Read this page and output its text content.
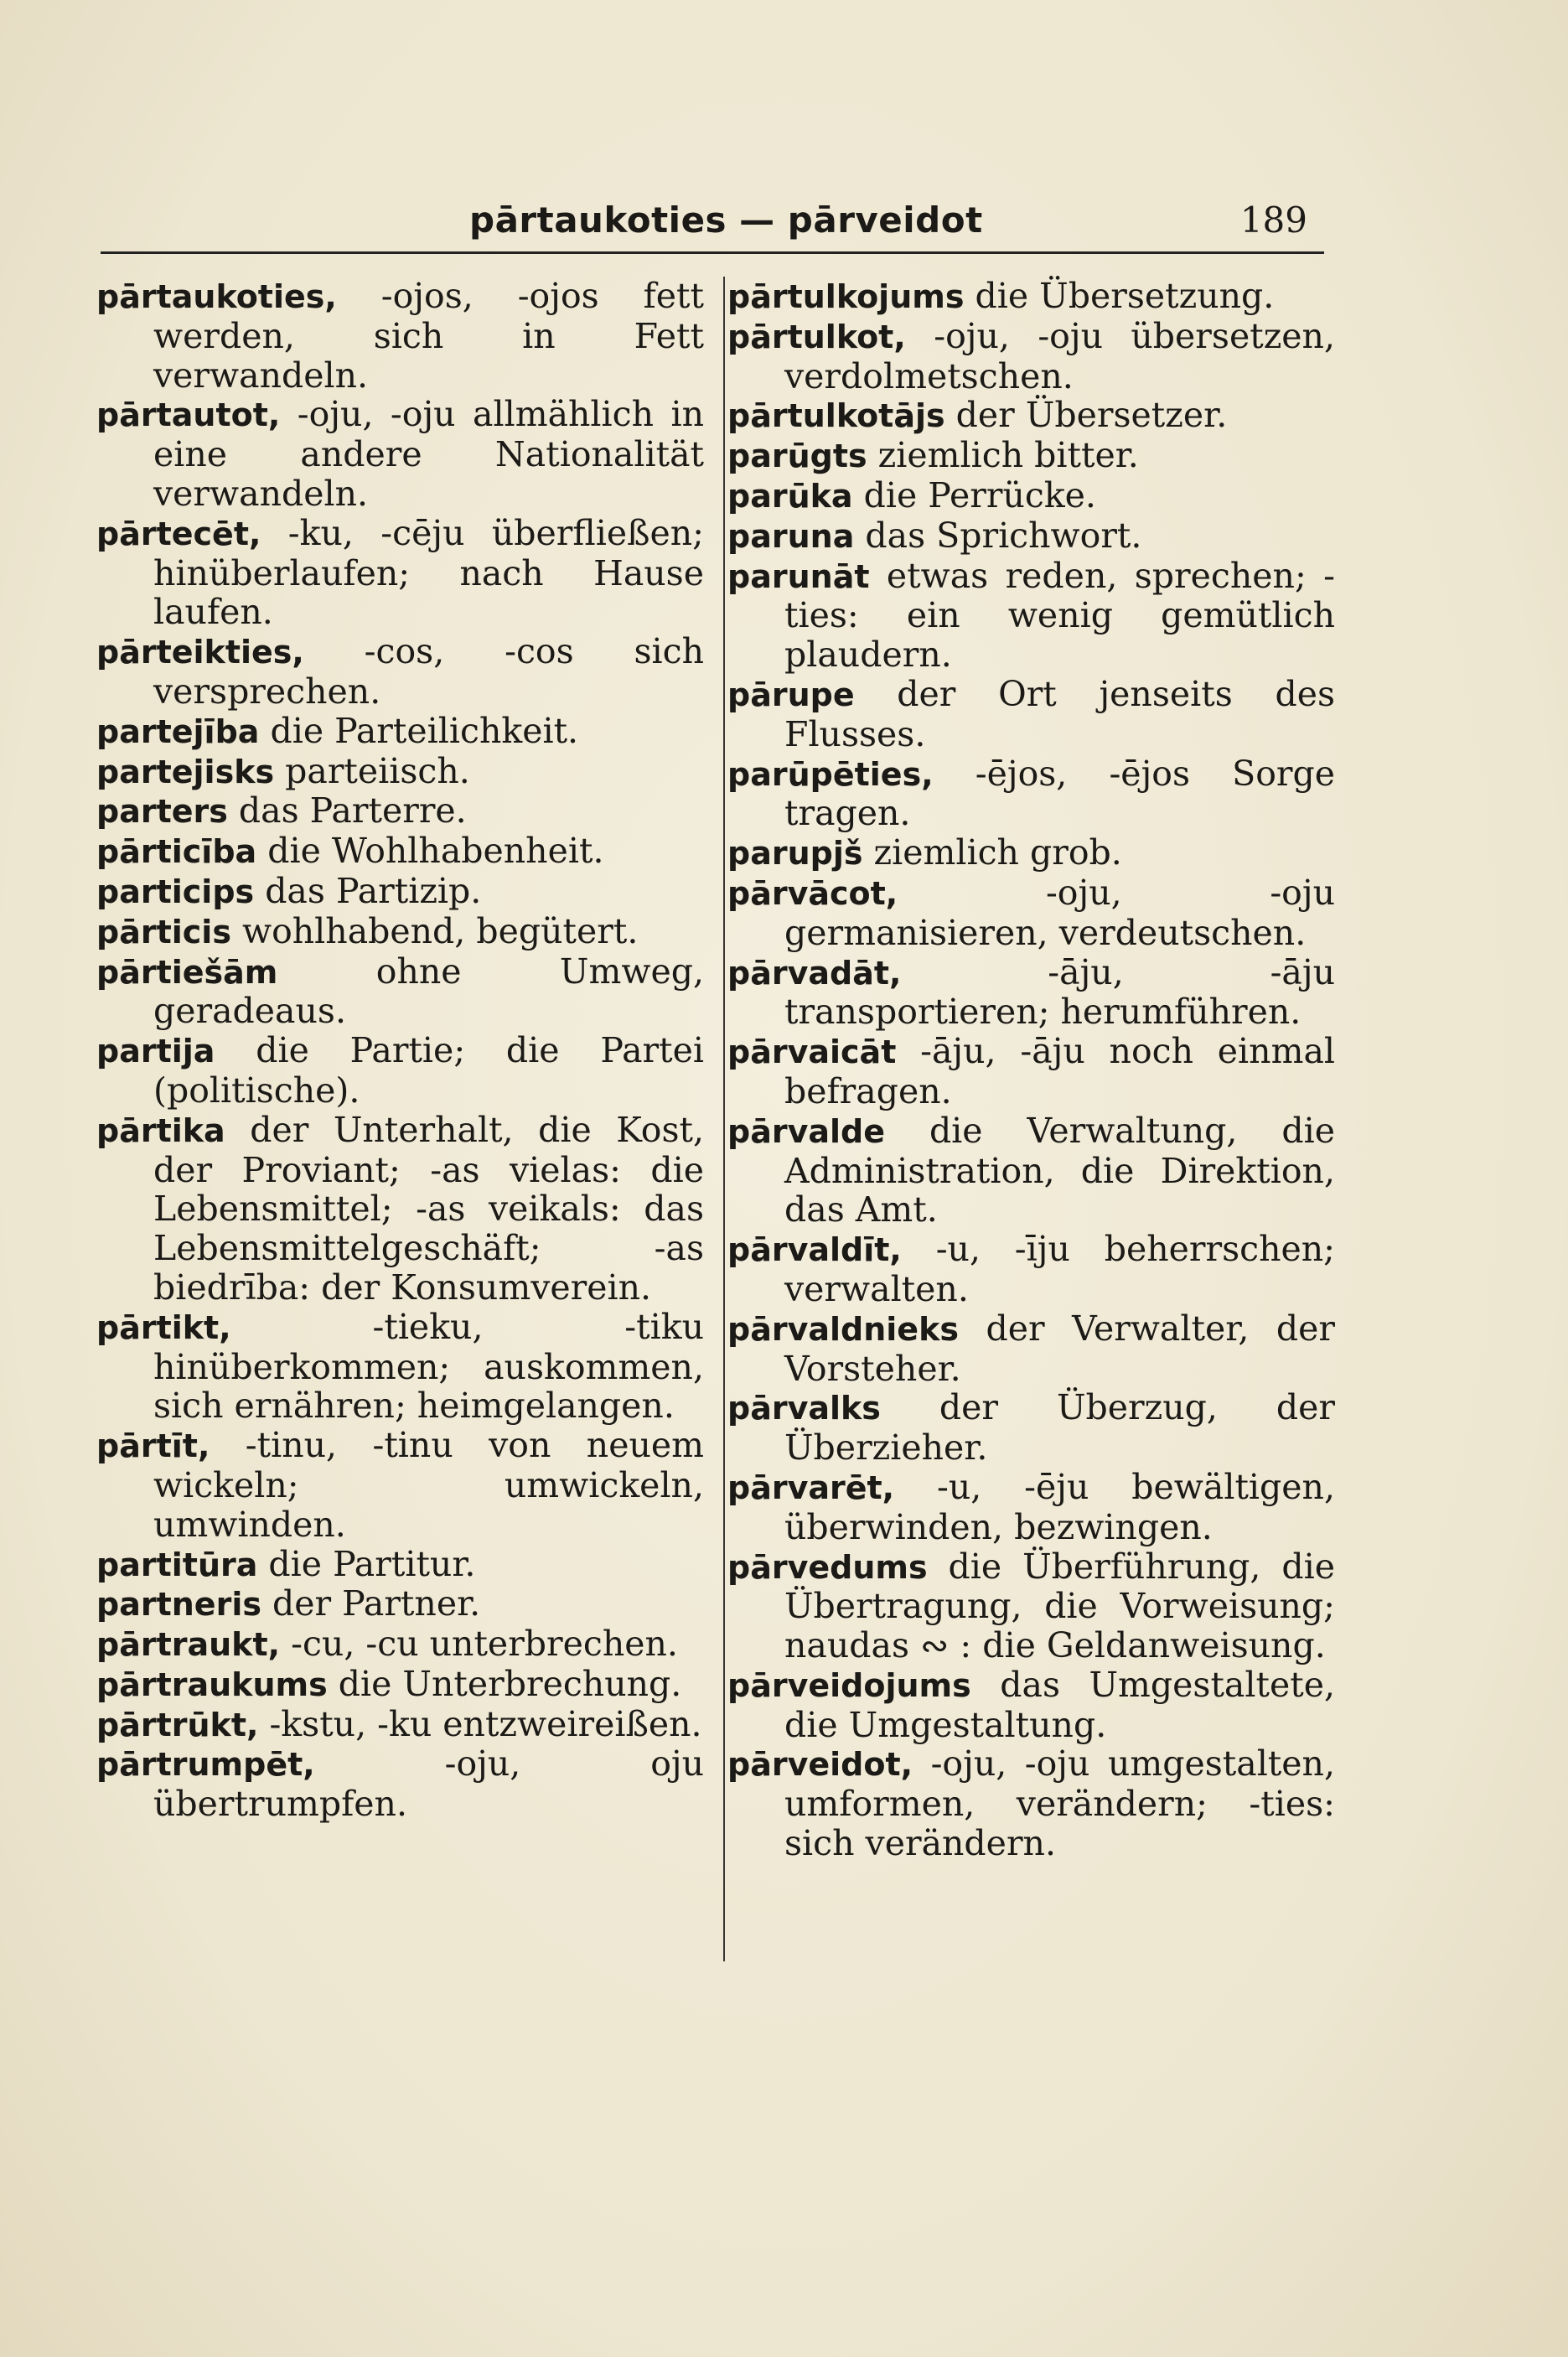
pārtaukoties — pārveidot	189

pārtaukoties, -ojos, -ojos fett werden, sich in Fett verwandeln.

pārtautot, -oju, -oju allmählich in eine andere Nationalität verwandeln.

pārtecēt, -ku, -cēju überfließen; hinüberlaufen; nach Hause laufen.

pārteikties, -cos, -cos sich versprechen.

partejība die Parteilichkeit.

partejisks parteiisch.

parters das Parterre.

pārticība die Wohlhabenheit.

particips das Partizip.

pārticis wohlhabend, begütert.

pārtiešām ohne Umweg, geradeaus.

partija die Partie; die Partei (politische).

pārtika der Unterhalt, die Kost, der Proviant; -as vielas: die Lebensmittel; -as veikals: das Lebensmittelgeschäft; -as biedrība: der Konsumverein.

pārtikt, -tieku, -tiku hinüberkommen; auskommen, sich ernähren; heimgelangen.

pārtīt, -tinu, -tinu von neuem wickeln; umwickeln, umwinden.

partitūra die Partitur.

partneris der Partner.

pārtraukt, -cu, -cu unterbrechen.

pārtraukums die Unterbrechung.

pārtrūkt, -kstu, -ku entzweireißen.

pārtrumpēt, -oju, oju übertrumpfen.

pārtulkojums die Übersetzung.

pārtulkot, -oju, -oju übersetzen, verdolmetschen.

pārtulkotājs der Übersetzer.

parūgts ziemlich bitter.

parūka die Perrücke.

paruna das Sprichwort.

parunāt etwas reden, sprechen; -ties: ein wenig gemütlich plaudern.

pārupe der Ort jenseits des Flusses.

parūpēties, -ējos, -ējos Sorge tragen.

parupjš ziemlich grob.

pārvācot, -oju, -oju germanisieren, verdeutschen.

pārvadāt, -āju, -āju transportieren; herumführen.

pārvaicāt -āju, -āju noch einmal befragen.

pārvalde die Verwaltung, die Administration, die Direktion, das Amt.

pārvaldīt, -u, -īju beherrschen; verwalten.

pārvaldnieks der Verwalter, der Vorsteher.

pārvalks der Überzug, der Überzieher.

pārvarēt, -u, -ēju bewältigen, überwinden, bezwingen.

pārvedums die Überführung, die Übertragung, die Vorweisung; naudas ∾ : die Geldanweisung.

pārveidojums das Umgestaltete, die Umgestaltung.

pārveidot, -oju, -oju umgestalten, umformen, verändern; -ties: sich verändern.
